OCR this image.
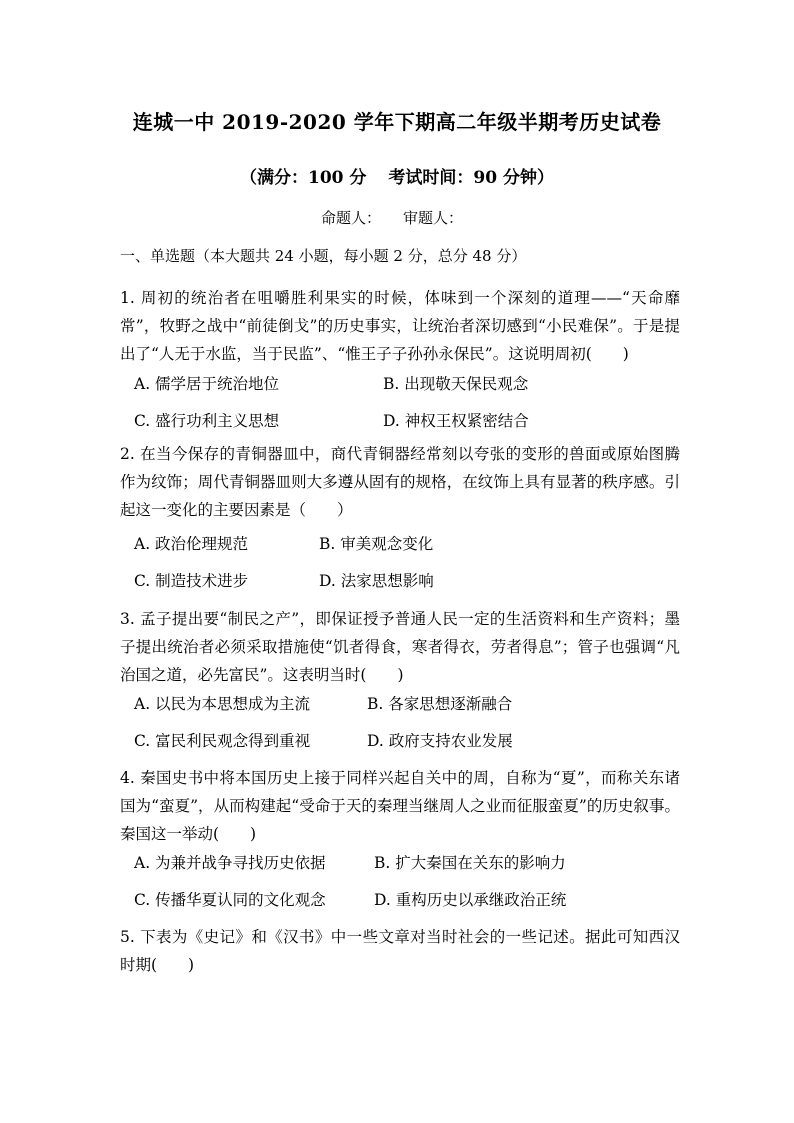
连城一中 2019-2020 学年下期高二年级半期考历史试卷
（满分：100 分 考试时间：90 分钟）
命题人： 审题人：
一、单选题（本大题共 24 小题，每小题 2 分，总分 48 分）
1. 周初的统治者在咀嚼胜利果实的时候，体味到一个深刻的道理——“天命靡常”，牧野之战中“前徒倒戈”的历史事实，让统治者深切感到“小民难保”。于是提出了“人无于水监，当于民监”、“惟王子子孙孙永保民”。这说明周初(　　)
A. 儒学居于统治地位	B. 出现敬天保民观念
C. 盛行功利主义思想	D. 神权王权紧密结合
2. 在当今保存的青铜器皿中，商代青铜器经常刻以夸张的变形的兽面或原始图腾作为纹饰；周代青铜器皿则大多遵从固有的规格，在纹饰上具有显著的秩序感。引起这一变化的主要因素是（　　）
A. 政治伦理规范	B. 审美观念变化
C. 制造技术进步	D. 法家思想影响
3. 孟子提出要“制民之产”，即保证授予普通人民一定的生活资料和生产资料；墨子提出统治者必须采取措施使“饥者得食，寒者得衣，劳者得息”；管子也强调“凡治国之道，必先富民”。这表明当时(　　)
A. 以民为本思想成为主流	B. 各家思想逐渐融合
C. 富民利民观念得到重视	D. 政府支持农业发展
4. 秦国史书中将本国历史上接于同样兴起自关中的周，自称为“夏”，而称关东诸国为“蛮夏”，从而构建起“受命于天的秦理当继周人之业而征服蛮夏”的历史叙事。秦国这一举动(　　)
A. 为兼并战争寻找历史依据	B. 扩大秦国在关东的影响力
C. 传播华夏认同的文化观念	D. 重构历史以承继政治正统
5. 下表为《史记》和《汉书》中一些文章对当时社会的一些记述。据此可知西汉时期(　　)
